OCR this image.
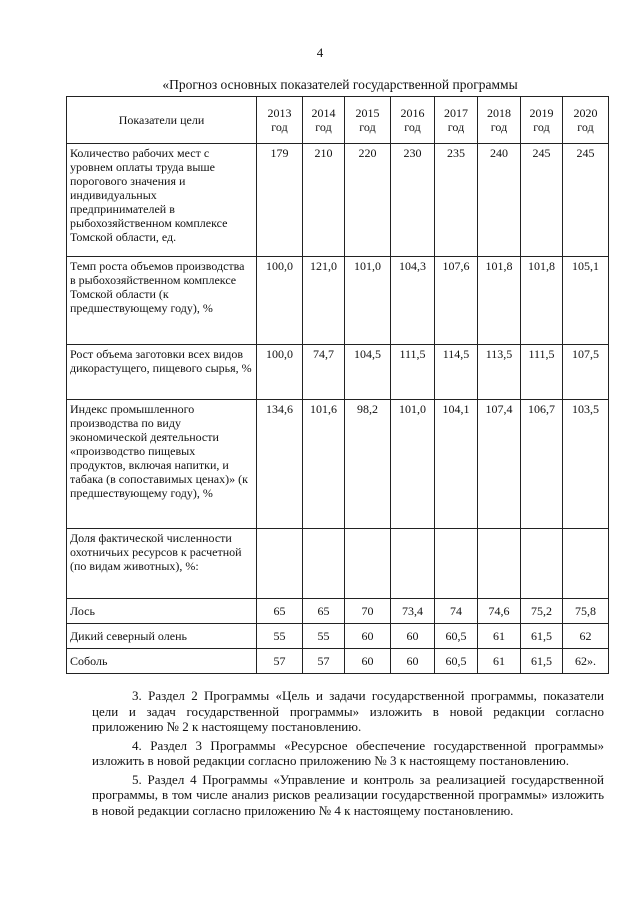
4
«Прогноз основных показателей государственной программы
Показатели цели	2013 год	2014 год	2015 год	2016 год	2017 год	2018 год	2019 год	2020 год
Количество рабочих мест с уровнем оплаты труда выше порогового значения и индивидуальных предпринимателей в рыбохозяйственном комплексе Томской области, ед.	179	210	220	230	235	240	245	245
Темп роста объемов производства в рыбохозяйственном комплексе Томской области (к предшествующему году), %	100,0	121,0	101,0	104,3	107,6	101,8	101,8	105,1
Рост объема заготовки всех видов дикорастущего, пищевого сырья, %	100,0	74,7	104,5	111,5	114,5	113,5	111,5	107,5
Индекс промышленного производства по виду экономической деятельности «производство пищевых продуктов, включая напитки, и табака (в сопоставимых ценах)» (к предшествующему году), %	134,6	101,6	98,2	101,0	104,1	107,4	106,7	103,5
Доля фактической численности охотничьих ресурсов к расчетной (по видам животных), %:								
Лось	65	65	70	73,4	74	74,6	75,2	75,8
Дикий северный олень	55	55	60	60	60,5	61	61,5	62
Соболь	57	57	60	60	60,5	61	61,5	62».

3. Раздел 2 Программы «Цель и задачи государственной программы, показатели цели и задач государственной программы» изложить в новой редакции согласно приложению № 2 к настоящему постановлению.

4. Раздел 3 Программы «Ресурсное обеспечение государственной программы» изложить в новой редакции согласно приложению № 3 к настоящему постановлению.

5. Раздел 4 Программы «Управление и контроль за реализацией государственной программы, в том числе анализ рисков реализации государственной программы» изложить в новой редакции согласно приложению № 4 к настоящему постановлению.
